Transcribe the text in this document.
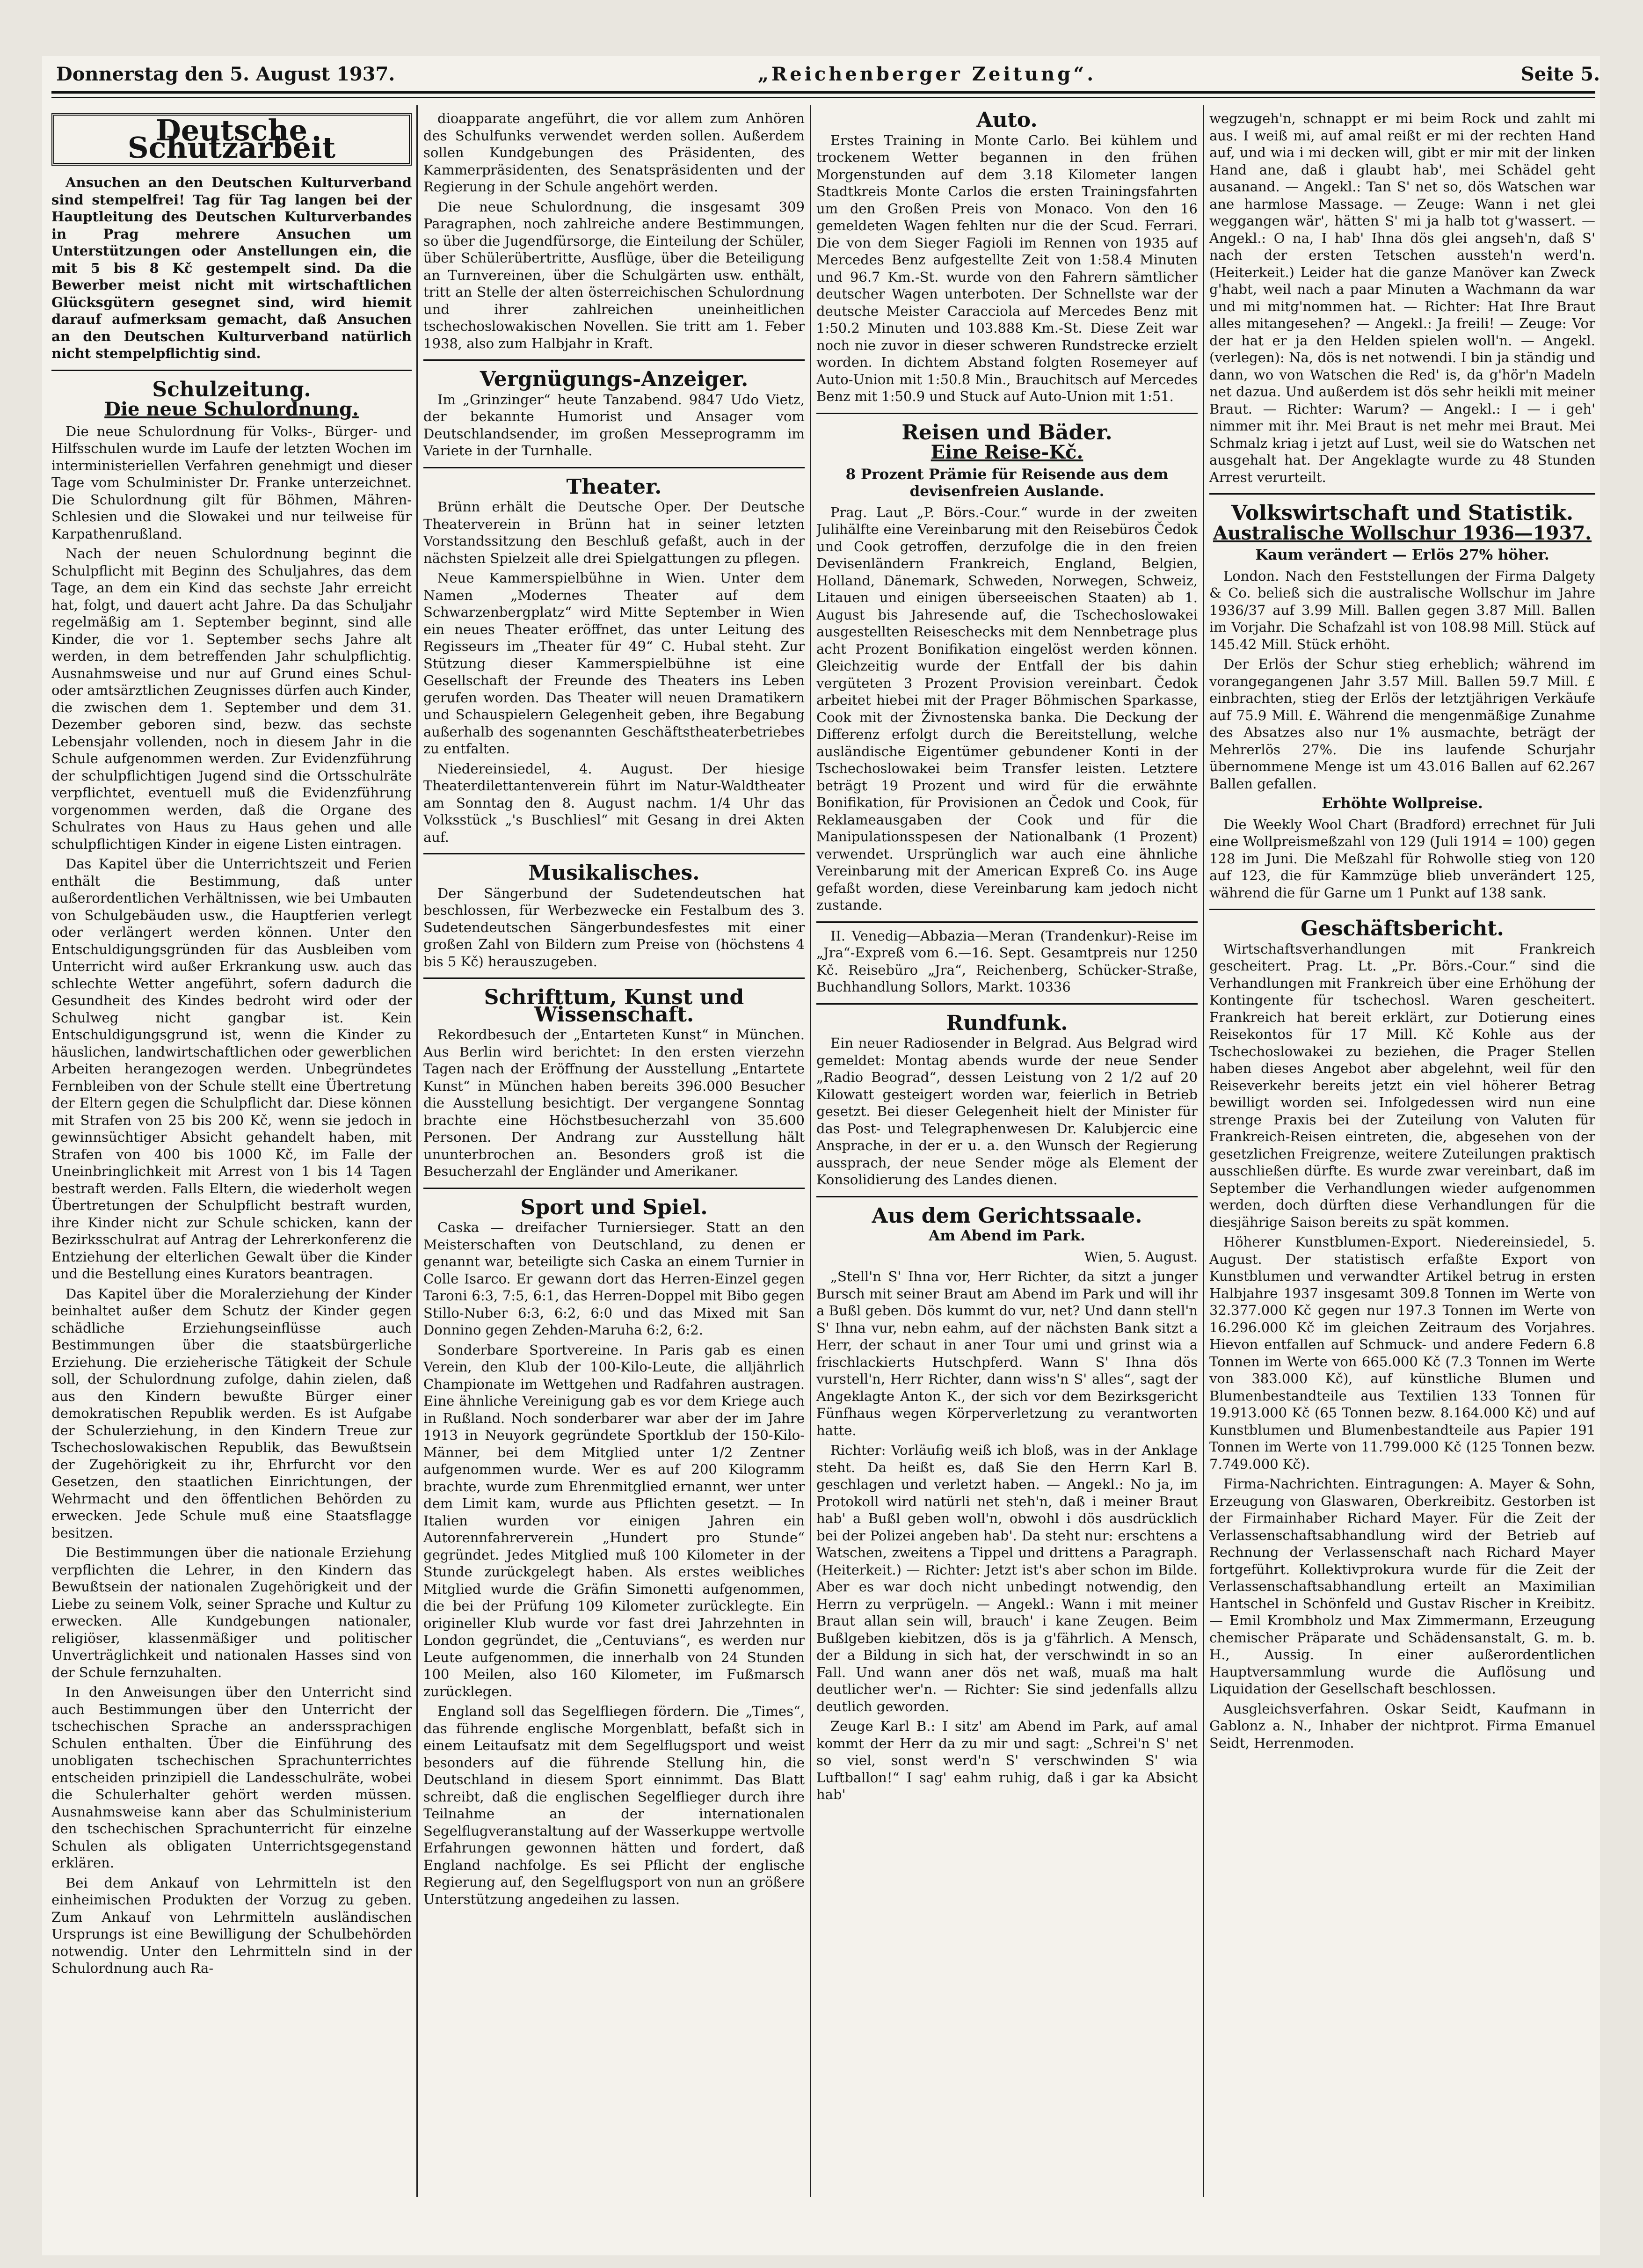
Donnerstag den 5. August 1937.	„Reichenberger Zeitung“.	Seite 5.
Deutsche Schutzarbeit

Ansuchen an den Deutschen Kulturverband sind stempelfrei! Tag für Tag langen bei der Hauptleitung des Deutschen Kulturverbandes in Prag mehrere Ansuchen um Unterstützungen oder Anstellungen ein, die mit 5 bis 8 Kč gestempelt sind. Da die Bewerber meist nicht mit wirtschaftlichen Glücksgütern gesegnet sind, wird hiemit darauf aufmerksam gemacht, daß Ansuchen an den Deutschen Kulturverband natürlich nicht stempelpflichtig sind.

Schulzeitung.
Die neue Schulordnung.

Die neue Schulordnung für Volks-, Bürger- und Hilfsschulen wurde im Laufe der letzten Wochen im interministeriellen Verfahren genehmigt und dieser Tage vom Schulminister Dr. Franke unterzeichnet. Die Schulordnung gilt für Böhmen, Mähren-Schlesien und die Slowakei und nur teilweise für Karpathenrußland.

Nach der neuen Schulordnung beginnt die Schulpflicht mit Beginn des Schuljahres, das dem Tage, an dem ein Kind das sechste Jahr erreicht hat, folgt, und dauert acht Jahre. Da das Schuljahr regelmäßig am 1. September beginnt, sind alle Kinder, die vor 1. September sechs Jahre alt werden, in dem betreffenden Jahr schulpflichtig. Ausnahmsweise und nur auf Grund eines Schul- oder amtsärztlichen Zeugnisses dürfen auch Kinder, die zwischen dem 1. September und dem 31. Dezember geboren sind, bezw. das sechste Lebensjahr vollenden, noch in diesem Jahr in die Schule aufgenommen werden. Zur Evidenzführung der schulpflichtigen Jugend sind die Ortsschulräte verpflichtet, eventuell muß die Evidenzführung vorgenommen werden, daß die Organe des Schulrates von Haus zu Haus gehen und alle schulpflichtigen Kinder in eigene Listen eintragen.

Das Kapitel über die Unterrichtszeit und Ferien enthält die Bestimmung, daß unter außerordentlichen Verhältnissen, wie bei Umbauten von Schulgebäuden usw., die Hauptferien verlegt oder verlängert werden können. Unter den Entschuldigungsgründen für das Ausbleiben vom Unterricht wird außer Erkrankung usw. auch das schlechte Wetter angeführt, sofern dadurch die Gesundheit des Kindes bedroht wird oder der Schulweg nicht gangbar ist. Kein Entschuldigungsgrund ist, wenn die Kinder zu häuslichen, landwirtschaftlichen oder gewerblichen Arbeiten herangezogen werden. Unbegründetes Fernbleiben von der Schule stellt eine Übertretung der Eltern gegen die Schulpflicht dar. Diese können mit Strafen von 25 bis 200 Kč, wenn sie jedoch in gewinnsüchtiger Absicht gehandelt haben, mit Strafen von 400 bis 1000 Kč, im Falle der Uneinbringlichkeit mit Arrest von 1 bis 14 Tagen bestraft werden. Falls Eltern, die wiederholt wegen Übertretungen der Schulpflicht bestraft wurden, ihre Kinder nicht zur Schule schicken, kann der Bezirksschulrat auf Antrag der Lehrerkonferenz die Entziehung der elterlichen Gewalt über die Kinder und die Bestellung eines Kurators beantragen.

Das Kapitel über die Moralerziehung der Kinder beinhaltet außer dem Schutz der Kinder gegen schädliche Erziehungseinflüsse auch Bestimmungen über die staatsbürgerliche Erziehung. Die erzieherische Tätigkeit der Schule soll, der Schulordnung zufolge, dahin zielen, daß aus den Kindern bewußte Bürger einer demokratischen Republik werden. Es ist Aufgabe der Schulerziehung, in den Kindern Treue zur Tschechoslowakischen Republik, das Bewußtsein der Zugehörigkeit zu ihr, Ehrfurcht vor den Gesetzen, den staatlichen Einrichtungen, der Wehrmacht und den öffentlichen Behörden zu erwecken. Jede Schule muß eine Staatsflagge besitzen.

Die Bestimmungen über die nationale Erziehung verpflichten die Lehrer, in den Kindern das Bewußtsein der nationalen Zugehörigkeit und der Liebe zu seinem Volk, seiner Sprache und Kultur zu erwecken. Alle Kundgebungen nationaler, religiöser, klassenmäßiger und politischer Unverträglichkeit und nationalen Hasses sind von der Schule fernzuhalten.

In den Anweisungen über den Unterricht sind auch Bestimmungen über den Unterricht der tschechischen Sprache an anderssprachigen Schulen enthalten. Über die Einführung des unobligaten tschechischen Sprachunterrichtes entscheiden prinzipiell die Landesschulräte, wobei die Schulerhalter gehört werden müssen. Ausnahmsweise kann aber das Schulministerium den tschechischen Sprachunterricht für einzelne Schulen als obligaten Unterrichtsgegenstand erklären.

Bei dem Ankauf von Lehrmitteln ist den einheimischen Produkten der Vorzug zu geben. Zum Ankauf von Lehrmitteln ausländischen Ursprungs ist eine Bewilligung der Schulbehörden notwendig. Unter den Lehrmitteln sind in der Schulordnung auch Ra-

dioapparate angeführt, die vor allem zum Anhören des Schulfunks verwendet werden sollen. Außerdem sollen Kundgebungen des Präsidenten, des Kammerpräsidenten, des Senatspräsidenten und der Regierung in der Schule angehört werden.

Die neue Schulordnung, die insgesamt 309 Paragraphen, noch zahlreiche andere Bestimmungen, so über die Jugendfürsorge, die Einteilung der Schüler, über Schülerübertritte, Ausflüge, über die Beteiligung an Turnvereinen, über die Schulgärten usw. enthält, tritt an Stelle der alten österreichischen Schulordnung und ihrer zahlreichen uneinheitlichen tschechoslowakischen Novellen. Sie tritt am 1. Feber 1938, also zum Halbjahr in Kraft.

Vergnügungs-Anzeiger.

Im „Grinzinger“ heute Tanzabend. 9847 Udo Vietz, der bekannte Humorist und Ansager vom Deutschlandsender, im großen Messeprogramm im Variete in der Turnhalle.

Theater.

Brünn erhält die Deutsche Oper. Der Deutsche Theaterverein in Brünn hat in seiner letzten Vorstandssitzung den Beschluß gefaßt, auch in der nächsten Spielzeit alle drei Spielgattungen zu pflegen.

Neue Kammerspielbühne in Wien. Unter dem Namen „Modernes Theater auf dem Schwarzenbergplatz“ wird Mitte September in Wien ein neues Theater eröffnet, das unter Leitung des Regisseurs im „Theater für 49“ C. Hubal steht. Zur Stützung dieser Kammerspielbühne ist eine Gesellschaft der Freunde des Theaters ins Leben gerufen worden. Das Theater will neuen Dramatikern und Schauspielern Gelegenheit geben, ihre Begabung außerhalb des sogenannten Geschäftstheaterbetriebes zu entfalten.

Niedereinsiedel, 4. August. Der hiesige Theaterdilettantenverein führt im Natur-Waldtheater am Sonntag den 8. August nachm. 1/4 Uhr das Volksstück „'s Buschliesl“ mit Gesang in drei Akten auf.

Musikalisches.

Der Sängerbund der Sudetendeutschen hat beschlossen, für Werbezwecke ein Festalbum des 3. Sudetendeutschen Sängerbundesfestes mit einer großen Zahl von Bildern zum Preise von (höchstens 4 bis 5 Kč) herauszugeben.

Schrifttum, Kunst und Wissenschaft.

Rekordbesuch der „Entarteten Kunst“ in München. Aus Berlin wird berichtet: In den ersten vierzehn Tagen nach der Eröffnung der Ausstellung „Entartete Kunst“ in München haben bereits 396.000 Besucher die Ausstellung besichtigt. Der vergangene Sonntag brachte eine Höchstbesucherzahl von 35.600 Personen. Der Andrang zur Ausstellung hält ununterbrochen an. Besonders groß ist die Besucherzahl der Engländer und Amerikaner.

Sport und Spiel.

Caska — dreifacher Turniersieger. Statt an den Meisterschaften von Deutschland, zu denen er genannt war, beteiligte sich Caska an einem Turnier in Colle Isarco. Er gewann dort das Herren-Einzel gegen Taroni 6:3, 7:5, 6:1, das Herren-Doppel mit Bibo gegen Stillo-Nuber 6:3, 6:2, 6:0 und das Mixed mit San Donnino gegen Zehden-Maruha 6:2, 6:2.

Sonderbare Sportvereine. In Paris gab es einen Verein, den Klub der 100-Kilo-Leute, die alljährlich Championate im Wettgehen und Radfahren austragen. Eine ähnliche Vereinigung gab es vor dem Kriege auch in Rußland. Noch sonderbarer war aber der im Jahre 1913 in Neuyork gegründete Sportklub der 150-Kilo-Männer, bei dem Mitglied unter 1/2 Zentner aufgenommen wurde. Wer es auf 200 Kilogramm brachte, wurde zum Ehrenmitglied ernannt, wer unter dem Limit kam, wurde aus Pflichten gesetzt. — In Italien wurden vor einigen Jahren ein Autorennfahrerverein „Hundert pro Stunde“ gegründet. Jedes Mitglied muß 100 Kilometer in der Stunde zurückgelegt haben. Als erstes weibliches Mitglied wurde die Gräfin Simonetti aufgenommen, die bei der Prüfung 109 Kilometer zurücklegte. Ein origineller Klub wurde vor fast drei Jahrzehnten in London gegründet, die „Centuvians“, es werden nur Leute aufgenommen, die innerhalb von 24 Stunden 100 Meilen, also 160 Kilometer, im Fußmarsch zurücklegen.

England soll das Segelfliegen fördern. Die „Times“, das führende englische Morgenblatt, befaßt sich in einem Leitaufsatz mit dem Segelflugsport und weist besonders auf die führende Stellung hin, die Deutschland in diesem Sport einnimmt. Das Blatt schreibt, daß die englischen Segelflieger durch ihre Teilnahme an der internationalen Segelflugveranstaltung auf der Wasserkuppe wertvolle Erfahrungen gewonnen hätten und fordert, daß England nachfolge. Es sei Pflicht der englische Regierung auf, den Segelflugsport von nun an größere Unterstützung angedeihen zu lassen.

Auto.

Erstes Training in Monte Carlo. Bei kühlem und trockenem Wetter begannen in den frühen Morgenstunden auf dem 3.18 Kilometer langen Stadtkreis Monte Carlos die ersten Trainingsfahrten um den Großen Preis von Monaco. Von den 16 gemeldeten Wagen fehlten nur die der Scud. Ferrari. Die von dem Sieger Fagioli im Rennen von 1935 auf Mercedes Benz aufgestellte Zeit von 1:58.4 Minuten und 96.7 Km.-St. wurde von den Fahrern sämtlicher deutscher Wagen unterboten. Der Schnellste war der deutsche Meister Caracciola auf Mercedes Benz mit 1:50.2 Minuten und 103.888 Km.-St. Diese Zeit war noch nie zuvor in dieser schweren Rundstrecke erzielt worden. In dichtem Abstand folgten Rosemeyer auf Auto-Union mit 1:50.8 Min., Brauchitsch auf Mercedes Benz mit 1:50.9 und Stuck auf Auto-Union mit 1:51.

Reisen und Bäder.
Eine Reise-Kč.
8 Prozent Prämie für Reisende aus dem devisenfreien Auslande.

Prag. Laut „P. Börs.-Cour.“ wurde in der zweiten Julihälfte eine Vereinbarung mit den Reisebüros Čedok und Cook getroffen, derzufolge die in den freien Devisenländern Frankreich, England, Belgien, Holland, Dänemark, Schweden, Norwegen, Schweiz, Litauen und einigen überseeischen Staaten) ab 1. August bis Jahresende auf, die Tschechoslowakei ausgestellten Reiseschecks mit dem Nennbetrage plus acht Prozent Bonifikation eingelöst werden können. Gleichzeitig wurde der Entfall der bis dahin vergüteten 3 Prozent Provision vereinbart. Čedok arbeitet hiebei mit der Prager Böhmischen Sparkasse, Cook mit der Živnostenska banka. Die Deckung der Differenz erfolgt durch die Bereitstellung, welche ausländische Eigentümer gebundener Konti in der Tschechoslowakei beim Transfer leisten. Letztere beträgt 19 Prozent und wird für die erwähnte Bonifikation, für Provisionen an Čedok und Cook, für Reklameausgaben der Cook und für die Manipulationsspesen der Nationalbank (1 Prozent) verwendet. Ursprünglich war auch eine ähnliche Vereinbarung mit der American Expreß Co. ins Auge gefaßt worden, diese Vereinbarung kam jedoch nicht zustande.

II. Venedig—Abbazia—Meran (Trandenkur)-Reise im „Jra“-Expreß vom 6.—16. Sept. Gesamtpreis nur 1250 Kč. Reisebüro „Jra“, Reichenberg, Schücker-Straße, Buchhandlung Sollors, Markt. 10336

Rundfunk.

Ein neuer Radiosender in Belgrad. Aus Belgrad wird gemeldet: Montag abends wurde der neue Sender „Radio Beograd“, dessen Leistung von 2 1/2 auf 20 Kilowatt gesteigert worden war, feierlich in Betrieb gesetzt. Bei dieser Gelegenheit hielt der Minister für das Post- und Telegraphenwesen Dr. Kalubjercic eine Ansprache, in der er u. a. den Wunsch der Regierung aussprach, der neue Sender möge als Element der Konsolidierung des Landes dienen.

Aus dem Gerichtssaale.
Am Abend im Park.

Wien, 5. August.

„Stell'n S' Ihna vor, Herr Richter, da sitzt a junger Bursch mit seiner Braut am Abend im Park und will ihr a Bußl geben. Dös kummt do vur, net? Und dann stell'n S' Ihna vur, nebn eahm, auf der nächsten Bank sitzt a Herr, der schaut in aner Tour umi und grinst wia a frischlackierts Hutschpferd. Wann S' Ihna dös vurstell'n, Herr Richter, dann wiss'n S' alles“, sagt der Angeklagte Anton K., der sich vor dem Bezirksgericht Fünfhaus wegen Körperverletzung zu verantworten hatte.

Richter: Vorläufig weiß ich bloß, was in der Anklage steht. Da heißt es, daß Sie den Herrn Karl B. geschlagen und verletzt haben. — Angekl.: No ja, im Protokoll wird natürli net steh'n, daß i meiner Braut hab' a Bußl geben woll'n, obwohl i dös ausdrücklich bei der Polizei angeben hab'. Da steht nur: erschtens a Watschen, zweitens a Tippel und drittens a Paragraph. (Heiterkeit.) — Richter: Jetzt ist's aber schon im Bilde. Aber es war doch nicht unbedingt notwendig, den Herrn zu verprügeln. — Angekl.: Wann i mit meiner Braut allan sein will, brauch' i kane Zeugen. Beim Bußlgeben kiebitzen, dös is ja g'fährlich. A Mensch, der a Bildung in sich hat, der verschwindt in so an Fall. Und wann aner dös net waß, muaß ma halt deutlicher wer'n. — Richter: Sie sind jedenfalls allzu deutlich geworden.

Zeuge Karl B.: I sitz' am Abend im Park, auf amal kommt der Herr da zu mir und sagt: „Schrei'n S' net so viel, sonst werd'n S' verschwinden S' wia Luftballon!“ I sag' eahm ruhig, daß i gar ka Absicht hab'

wegzugeh'n, schnappt er mi beim Rock und zahlt mi aus. I weiß mi, auf amal reißt er mi der rechten Hand auf, und wia i mi decken will, gibt er mir mit der linken Hand ane, daß i glaubt hab', mei Schädel geht ausanand. — Angekl.: Tan S' net so, dös Watschen war ane harmlose Massage. — Zeuge: Wann i net glei weggangen wär', hätten S' mi ja halb tot g'wassert. — Angekl.: O na, I hab' Ihna dös glei angseh'n, daß S' nach der ersten Tetschen aussteh'n werd'n. (Heiterkeit.) Leider hat die ganze Manöver kan Zweck g'habt, weil nach a paar Minuten a Wachmann da war und mi mitg'nommen hat. — Richter: Hat Ihre Braut alles mitangesehen? — Angekl.: Ja freili! — Zeuge: Vor der hat er ja den Helden spielen woll'n. — Angekl. (verlegen): Na, dös is net notwendi. I bin ja ständig und dann, wo von Watschen die Red' is, da g'hör'n Madeln net dazua. Und außerdem ist dös sehr heikli mit meiner Braut. — Richter: Warum? — Angekl.: I — i geh' nimmer mit ihr. Mei Braut is net mehr mei Braut. Mei Schmalz kriag i jetzt auf Lust, weil sie do Watschen net ausgehalt hat. Der Angeklagte wurde zu 48 Stunden Arrest verurteilt.

Volkswirtschaft und Statistik.
Australische Wollschur 1936—1937.
Kaum verändert — Erlös 27% höher.

London. Nach den Feststellungen der Firma Dalgety & Co. beließ sich die australische Wollschur im Jahre 1936/37 auf 3.99 Mill. Ballen gegen 3.87 Mill. Ballen im Vorjahr. Die Schafzahl ist von 108.98 Mill. Stück auf 145.42 Mill. Stück erhöht.

Der Erlös der Schur stieg erheblich; während im vorangegangenen Jahr 3.57 Mill. Ballen 59.7 Mill. £ einbrachten, stieg der Erlös der letztjährigen Verkäufe auf 75.9 Mill. £. Während die mengenmäßige Zunahme des Absatzes also nur 1% ausmachte, beträgt der Mehrerlös 27%. Die ins laufende Schurjahr übernommene Menge ist um 43.016 Ballen auf 62.267 Ballen gefallen.

Erhöhte Wollpreise.

Die Weekly Wool Chart (Bradford) errechnet für Juli eine Wollpreismeßzahl von 129 (Juli 1914 = 100) gegen 128 im Juni. Die Meßzahl für Rohwolle stieg von 120 auf 123, die für Kammzüge blieb unverändert 125, während die für Garne um 1 Punkt auf 138 sank.

Geschäftsbericht.

Wirtschaftsverhandlungen mit Frankreich gescheitert. Prag. Lt. „Pr. Börs.-Cour.“ sind die Verhandlungen mit Frankreich über eine Erhöhung der Kontingente für tschechosl. Waren gescheitert. Frankreich hat bereit erklärt, zur Dotierung eines Reisekontos für 17 Mill. Kč Kohle aus der Tschechoslowakei zu beziehen, die Prager Stellen haben dieses Angebot aber abgelehnt, weil für den Reiseverkehr bereits jetzt ein viel höherer Betrag bewilligt worden sei. Infolgedessen wird nun eine strenge Praxis bei der Zuteilung von Valuten für Frankreich-Reisen eintreten, die, abgesehen von der gesetzlichen Freigrenze, weitere Zuteilungen praktisch ausschließen dürfte. Es wurde zwar vereinbart, daß im September die Verhandlungen wieder aufgenommen werden, doch dürften diese Verhandlungen für die diesjährige Saison bereits zu spät kommen.

Höherer Kunstblumen-Export. Niedereinsiedel, 5. August. Der statistisch erfaßte Export von Kunstblumen und verwandter Artikel betrug in ersten Halbjahre 1937 insgesamt 309.8 Tonnen im Werte von 32.377.000 Kč gegen nur 197.3 Tonnen im Werte von 16.296.000 Kč im gleichen Zeitraum des Vorjahres. Hievon entfallen auf Schmuck- und andere Federn 6.8 Tonnen im Werte von 665.000 Kč (7.3 Tonnen im Werte von 383.000 Kč), auf künstliche Blumen und Blumenbestandteile aus Textilien 133 Tonnen für 19.913.000 Kč (65 Tonnen bezw. 8.164.000 Kč) und auf Kunstblumen und Blumenbestandteile aus Papier 191 Tonnen im Werte von 11.799.000 Kč (125 Tonnen bezw. 7.749.000 Kč).

Firma-Nachrichten. Eintragungen: A. Mayer & Sohn, Erzeugung von Glaswaren, Oberkreibitz. Gestorben ist der Firmainhaber Richard Mayer. Für die Zeit der Verlassenschaftsabhandlung wird der Betrieb auf Rechnung der Verlassenschaft nach Richard Mayer fortgeführt. Kollektivprokura wurde für die Zeit der Verlassenschaftsabhandlung erteilt an Maximilian Hantschel in Schönfeld und Gustav Rischer in Kreibitz. — Emil Krombholz und Max Zimmermann, Erzeugung chemischer Präparate und Schädensanstalt, G. m. b. H., Aussig. In einer außerordentlichen Hauptversammlung wurde die Auflösung und Liquidation der Gesellschaft beschlossen.

Ausgleichsverfahren. Oskar Seidt, Kaufmann in Gablonz a. N., Inhaber der nichtprot. Firma Emanuel Seidt, Herrenmoden.
